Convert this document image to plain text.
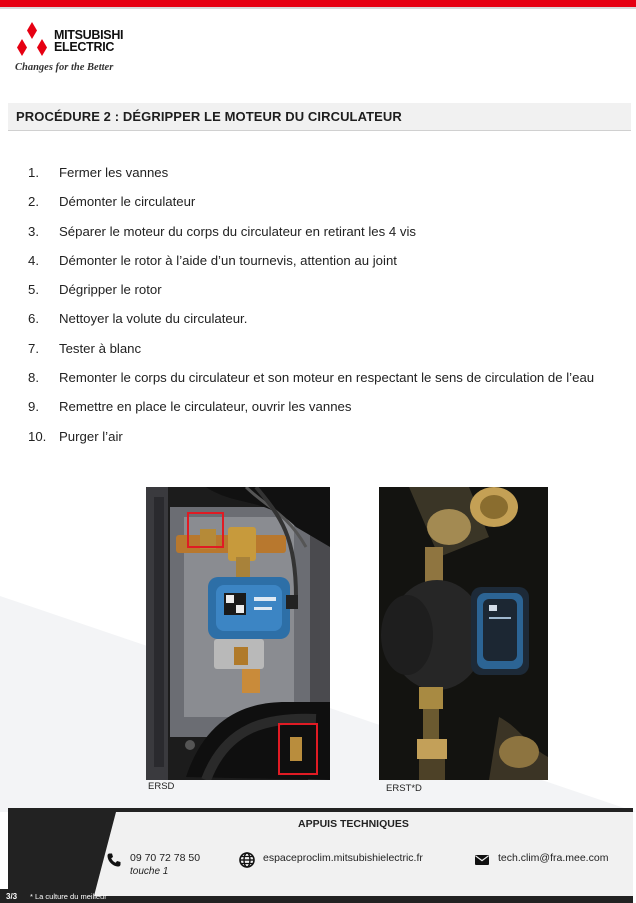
MITSUBISHI
ELECTRIC
Changes for the Better
PROCÉDURE 2 : DÉGRIPPER LE MOTEUR DU CIRCULATEUR
1. Fermer les vannes
2. Démonter le circulateur
3. Séparer le moteur du corps du circulateur en retirant les 4 vis
4. Démonter le rotor à l’aide d’un tournevis, attention au joint
5. Dégripper le rotor
6. Nettoyer la volute du circulateur.
7. Tester à blanc
8. Remonter le corps du circulateur et son moteur en respectant le sens de circulation de l’eau
9. Remettre en place le circulateur, ouvrir les vannes
10. Purger l’air
ERSD	ERST*D
APPUIS TECHNIQUES
09 70 72 78 50
touche 1
espaceproclim.mitsubishielectric.fr	tech.clim@fra.mee.com
3/3	* La culture du meilleur
